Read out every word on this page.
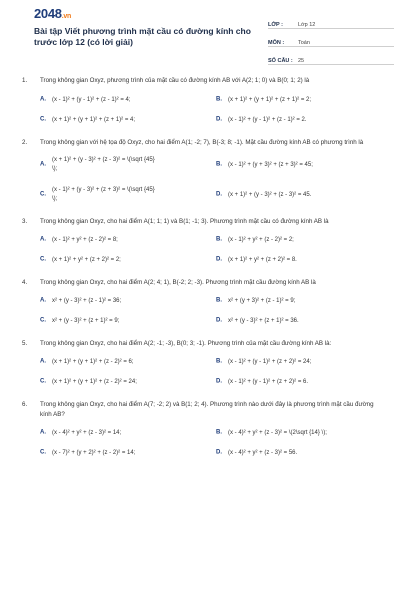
2048.vn
Bài tập Viết phương trình mặt cầu có đường kính cho trước lớp 12 (có lời giải)
LỚP :	Lớp 12
MÔN :	Toán
SỐ CÂU : 25
1. Trong không gian Oxyz, phương trình của mặt cầu có đường kính AB với A(2; 1; 0) và B(0; 1; 2) là
A. (x - 1)² + (y - 1)² + (z - 1)² = 4;	B. (x + 1)² + (y + 1)² + (z + 1)² = 2;
C. (x + 1)² + (y + 1)² + (z + 1)² = 4;	D. (x - 1)² + (y - 1)² + (z - 1)² = 2.
2. Trong không gian với hệ tọa độ Oxyz, cho hai điểm A(1; -2; 7), B(-3; 8; -1). Mặt cầu đường kính AB có phương trình là
A.
(x + 1)² + (y - 3)² + (z - 3)² = \(\sqrt {45}
\);
B. (x - 1)² + (y + 3)² + (z + 3)² = 45;
C.
(x - 1)² + (y - 3)² + (z + 3)² = \(\sqrt {45}
\);
D. (x + 1)² + (y - 3)² + (z - 3)² = 45.
3. Trong không gian Oxyz, cho hai điểm A(1; 1; 1) và B(1; -1; 3). Phương trình mặt cầu có đường kính AB là
A. (x - 1)² + y² + (z - 2)² = 8;	B. (x - 1)² + y² + (z - 2)² = 2;
C. (x + 1)² + y² + (z + 2)² = 2;	D. (x + 1)² + y² + (z + 2)² = 8.
4. Trong không gian Oxyz, cho hai điểm A(2; 4; 1), B(-2; 2; -3). Phương trình mặt cầu đường kính AB là
A. x² + (y - 3)² + (z - 1)² = 36;	B. x² + (y + 3)² + (z - 1)² = 9;
C. x² + (y - 3)² + (z + 1)² = 9;	D. x² + (y - 3)² + (z + 1)² = 36.
5. Trong không gian Oxyz, cho hai điểm A(2; -1; -3), B(0; 3; -1). Phương trình của mặt cầu đường kính AB là:
A. (x + 1)² + (y + 1)² + (z - 2)² = 6;	B. (x - 1)² + (y - 1)² + (z + 2)² = 24;
C. (x + 1)² + (y + 1)² + (z - 2)² = 24;	D. (x - 1)² + (y - 1)² + (z + 2)² = 6.
6. Trong không gian Oxyz, cho hai điểm A(7; -2; 2) và B(1; 2; 4). Phương trình nào dưới đây là phương trình mặt cầu đường kính AB?
A. (x - 4)² + y² + (z - 3)² = 14;	B. (x - 4)² + y² + (z - 3)² = \(2\sqrt {14} \);
C. (x - 7)² + (y + 2)² + (z - 2)² = 14;	D. (x - 4)² + y² + (z - 3)² = 56.
